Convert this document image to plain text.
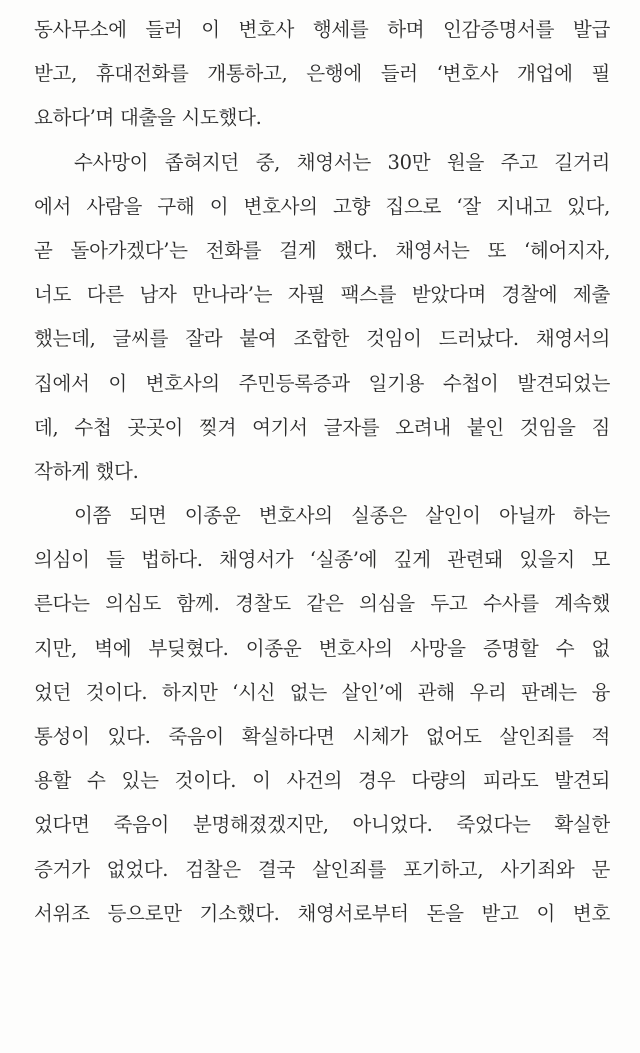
동사무소에 들러 이 변호사 행세를 하며 인감증명서를 발급
받고, 휴대전화를 개통하고, 은행에 들러 ‘변호사 개업에 필
요하다’며 대출을 시도했다.
수사망이 좁혀지던 중, 채영서는 30만 원을 주고 길거리
에서 사람을 구해 이 변호사의 고향 집으로 ‘잘 지내고 있다,
곧 돌아가겠다’는 전화를 걸게 했다. 채영서는 또 ‘헤어지자,
너도 다른 남자 만나라’는 자필 팩스를 받았다며 경찰에 제출
했는데, 글씨를 잘라 붙여 조합한 것임이 드러났다. 채영서의
집에서 이 변호사의 주민등록증과 일기용 수첩이 발견되었는
데, 수첩 곳곳이 찢겨 여기서 글자를 오려내 붙인 것임을 짐
작하게 했다.
이쯤 되면 이종운 변호사의 실종은 살인이 아닐까 하는
의심이 들 법하다. 채영서가 ‘실종’에 깊게 관련돼 있을지 모
른다는 의심도 함께. 경찰도 같은 의심을 두고 수사를 계속했
지만, 벽에 부딪혔다. 이종운 변호사의 사망을 증명할 수 없
었던 것이다. 하지만 ‘시신 없는 살인’에 관해 우리 판례는 융
통성이 있다. 죽음이 확실하다면 시체가 없어도 살인죄를 적
용할 수 있는 것이다. 이 사건의 경우 다량의 피라도 발견되
었다면 죽음이 분명해졌겠지만, 아니었다. 죽었다는 확실한
증거가 없었다. 검찰은 결국 살인죄를 포기하고, 사기죄와 문
서위조 등으로만 기소했다. 채영서로부터 돈을 받고 이 변호
